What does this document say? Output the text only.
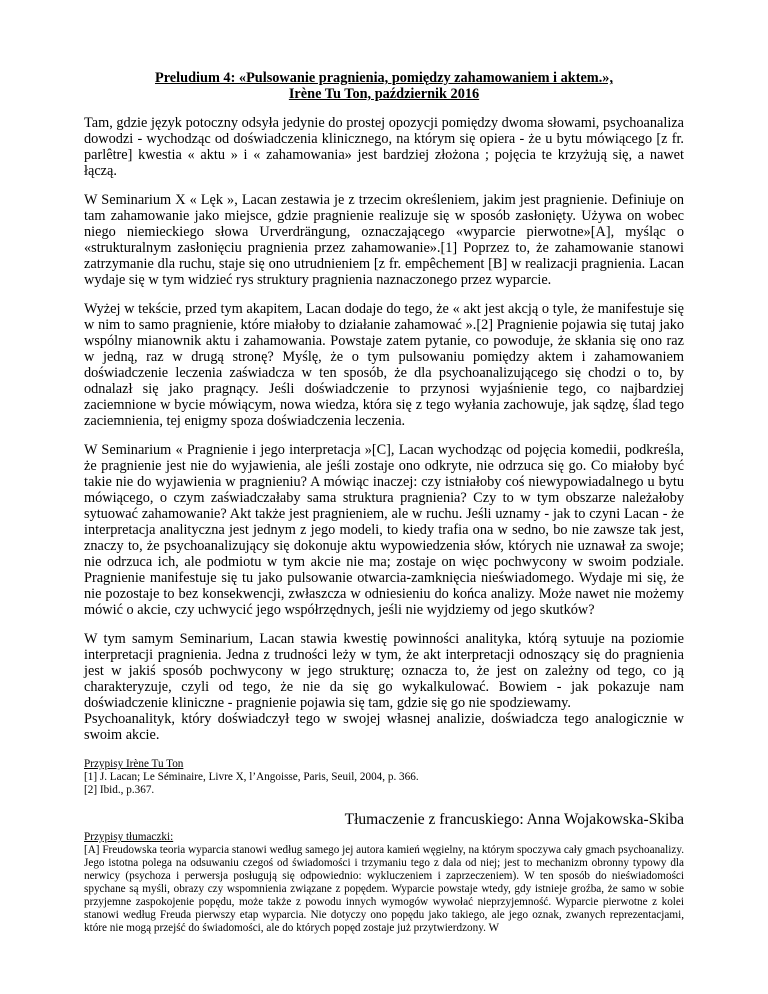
Preludium 4: «Pulsowanie pragnienia, pomiędzy zahamowaniem i aktem.»,
Irène Tu Ton, październik 2016

Tam, gdzie język potoczny odsyła jedynie do prostej opozycji pomiędzy dwoma słowami, psychoanaliza dowodzi - wychodząc od doświadczenia klinicznego, na którym się opiera - że u bytu mówiącego [z fr. parlêtre] kwestia « aktu » i « zahamowania» jest bardziej złożona ; pojęcia te krzyżują się, a nawet łączą.

W Seminarium X « Lęk », Lacan zestawia je z trzecim określeniem, jakim jest pragnienie. Definiuje on tam zahamowanie jako miejsce, gdzie pragnienie realizuje się w sposób zasłonięty. Używa on wobec niego niemieckiego słowa Urverdrängung, oznaczającego «wyparcie pierwotne»[A], myśląc o «strukturalnym zasłonięciu pragnienia przez zahamowanie».[1] Poprzez to, że zahamowanie stanowi zatrzymanie dla ruchu, staje się ono utrudnieniem [z fr. empêchement [B] w realizacji pragnienia. Lacan wydaje się w tym widzieć rys struktury pragnienia naznaczonego przez wyparcie.

Wyżej w tekście, przed tym akapitem, Lacan dodaje do tego, że « akt jest akcją o tyle, że manifestuje się w nim to samo pragnienie, które miałoby to działanie zahamować ».[2] Pragnienie pojawia się tutaj jako wspólny mianownik aktu i zahamowania. Powstaje zatem pytanie, co powoduje, że skłania się ono raz w jedną, raz w drugą stronę? Myślę, że o tym pulsowaniu pomiędzy aktem i zahamowaniem doświadczenie leczenia zaświadcza w ten sposób, że dla psychoanalizującego się chodzi o to, by odnalazł się jako pragnący. Jeśli doświadczenie to przynosi wyjaśnienie tego, co najbardziej zaciemnione w bycie mówiącym, nowa wiedza, która się z tego wyłania zachowuje, jak sądzę, ślad tego zaciemnienia, tej enigmy spoza doświadczenia leczenia.

W Seminarium « Pragnienie i jego interpretacja »[C], Lacan wychodząc od pojęcia komedii, podkreśla, że pragnienie jest nie do wyjawienia, ale jeśli zostaje ono odkryte, nie odrzuca się go. Co miałoby być takie nie do wyjawienia w pragnieniu? A mówiąc inaczej: czy istniałoby coś niewypowiadalnego u bytu mówiącego, o czym zaświadczałaby sama struktura pragnienia? Czy to w tym obszarze należałoby sytuować zahamowanie? Akt także jest pragnieniem, ale w ruchu. Jeśli uznamy - jak to czyni Lacan - że interpretacja analityczna jest jednym z jego modeli, to kiedy trafia ona w sedno, bo nie zawsze tak jest, znaczy to, że psychoanalizujący się dokonuje aktu wypowiedzenia słów, których nie uznawał za swoje; nie odrzuca ich, ale podmiotu w tym akcie nie ma; zostaje on więc pochwycony w swoim podziale. Pragnienie manifestuje się tu jako pulsowanie otwarcia-zamknięcia nieświadomego. Wydaje mi się, że nie pozostaje to bez konsekwencji, zwłaszcza w odniesieniu do końca analizy. Może nawet nie możemy mówić o akcie, czy uchwycić jego współrzędnych, jeśli nie wyjdziemy od jego skutków?

W tym samym Seminarium, Lacan stawia kwestię powinności analityka, którą sytuuje na poziomie interpretacji pragnienia. Jedna z trudności leży w tym, że akt interpretacji odnoszący się do pragnienia jest w jakiś sposób pochwycony w jego strukturę; oznacza to, że jest on zależny od tego, co ją charakteryzuje, czyli od tego, że nie da się go wykalkulować. Bowiem - jak pokazuje nam doświadczenie kliniczne - pragnienie pojawia się tam, gdzie się go nie spodziewamy.

Psychoanalityk, który doświadczył tego w swojej własnej analizie, doświadcza tego analogicznie w swoim akcie.

Przypisy Irène Tu Ton

[1] J. Lacan; Le Séminaire, Livre X, l’Angoisse, Paris, Seuil, 2004, p. 366.

[2] Ibid., p.367.

Tłumaczenie z francuskiego: Anna Wojakowska-Skiba

Przypisy tłumaczki:

[A] Freudowska teoria wyparcia stanowi według samego jej autora kamień węgielny, na którym spoczywa cały gmach psychoanalizy. Jego istotna polega na odsuwaniu czegoś od świadomości i trzymaniu tego z dala od niej; jest to mechanizm obronny typowy dla nerwicy (psychoza i perwersja posługują się odpowiednio: wykluczeniem i zaprzeczeniem). W ten sposób do nieświadomości spychane są myśli, obrazy czy wspomnienia związane z popędem. Wyparcie powstaje wtedy, gdy istnieje groźba, że samo w sobie przyjemne zaspokojenie popędu, może także z powodu innych wymogów wywołać nieprzyjemność. Wyparcie pierwotne z kolei stanowi według Freuda pierwszy etap wyparcia. Nie dotyczy ono popędu jako takiego, ale jego oznak, zwanych reprezentacjami, które nie mogą przejść do świadomości, ale do których popęd zostaje już przytwierdzony. W
